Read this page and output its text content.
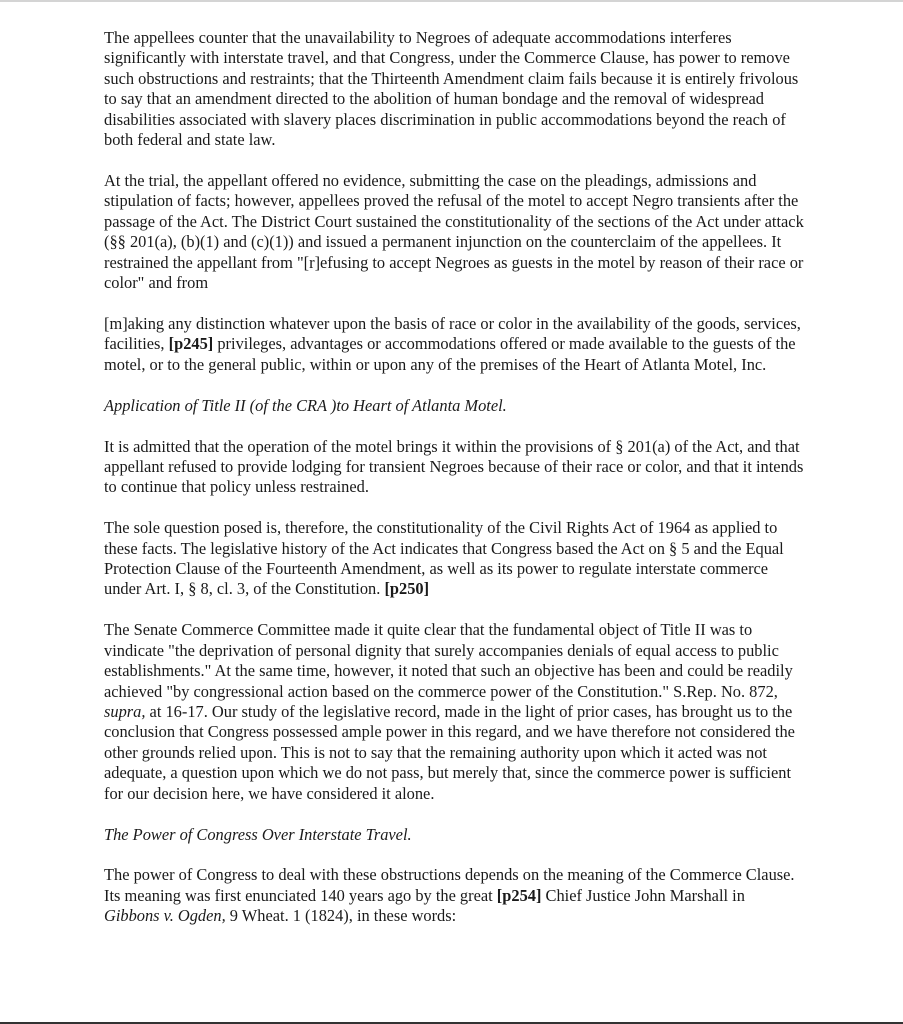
The appellees counter that the unavailability to Negroes of adequate accommodations interferes significantly with interstate travel, and that Congress, under the Commerce Clause, has power to remove such obstructions and restraints; that the Thirteenth Amendment claim fails because it is entirely frivolous to say that an amendment directed to the abolition of human bondage and the removal of widespread disabilities associated with slavery places discrimination in public accommodations beyond the reach of both federal and state law.

At the trial, the appellant offered no evidence, submitting the case on the pleadings, admissions and stipulation of facts; however, appellees proved the refusal of the motel to accept Negro transients after the passage of the Act. The District Court sustained the constitutionality of the sections of the Act under attack (§§ 201(a), (b)(1) and (c)(1)) and issued a permanent injunction on the counterclaim of the appellees. It restrained the appellant from "[r]efusing to accept Negroes as guests in the motel by reason of their race or color" and from

[m]aking any distinction whatever upon the basis of race or color in the availability of the goods, services, facilities, [p245] privileges, advantages or accommodations offered or made available to the guests of the motel, or to the general public, within or upon any of the premises of the Heart of Atlanta Motel, Inc.

Application of Title II (of the CRA )to Heart of Atlanta Motel.

It is admitted that the operation of the motel brings it within the provisions of § 201(a) of the Act, and that appellant refused to provide lodging for transient Negroes because of their race or color, and that it intends to continue that policy unless restrained.

The sole question posed is, therefore, the constitutionality of the Civil Rights Act of 1964 as applied to these facts. The legislative history of the Act indicates that Congress based the Act on § 5 and the Equal Protection Clause of the Fourteenth Amendment, as well as its power to regulate interstate commerce under Art. I, § 8, cl. 3, of the Constitution. [p250]

The Senate Commerce Committee made it quite clear that the fundamental object of Title II was to vindicate "the deprivation of personal dignity that surely accompanies denials of equal access to public establishments." At the same time, however, it noted that such an objective has been and could be readily achieved "by congressional action based on the commerce power of the Constitution." S.Rep. No. 872, supra, at 16-17. Our study of the legislative record, made in the light of prior cases, has brought us to the conclusion that Congress possessed ample power in this regard, and we have therefore not considered the other grounds relied upon. This is not to say that the remaining authority upon which it acted was not adequate, a question upon which we do not pass, but merely that, since the commerce power is sufficient for our decision here, we have considered it alone.

The Power of Congress Over Interstate Travel.

The power of Congress to deal with these obstructions depends on the meaning of the Commerce Clause. Its meaning was first enunciated 140 years ago by the great [p254] Chief Justice John Marshall in Gibbons v. Ogden, 9 Wheat. 1 (1824), in these words:
